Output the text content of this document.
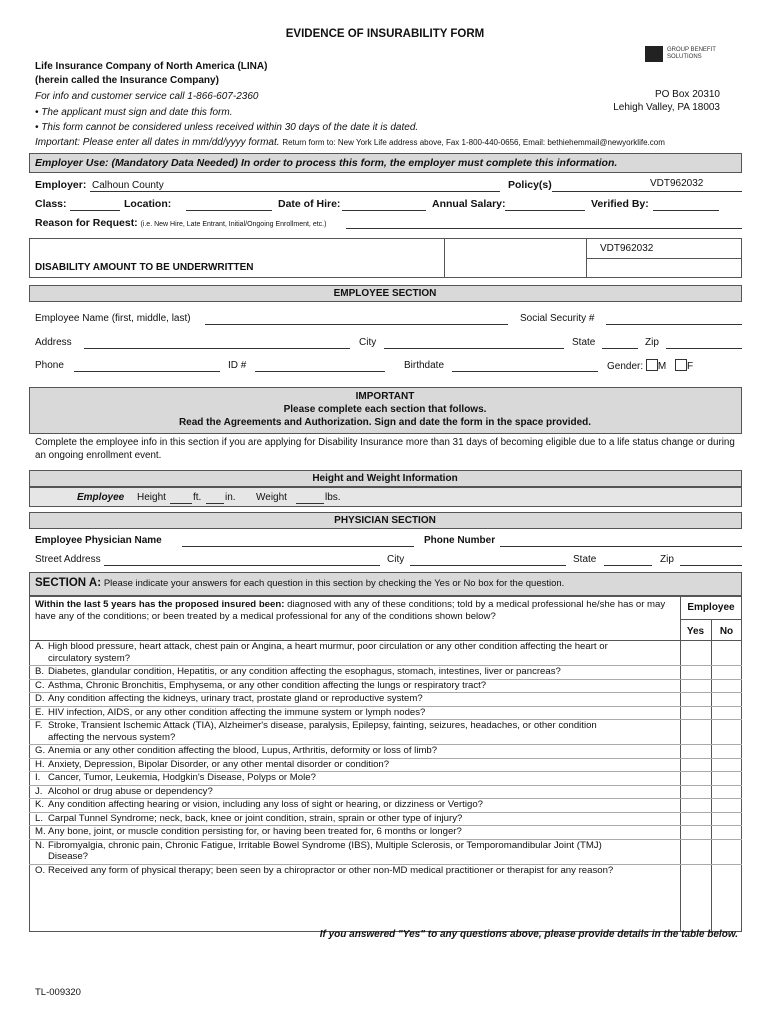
EVIDENCE OF INSURABILITY FORM
GROUP BENEFIT
SOLUTIONS
PO Box 20310
Lehigh Valley, PA 18003
Life Insurance Company of North America (LINA)
(herein called the Insurance Company)
For info and customer service call 1-866-607-2360
• The applicant must sign and date this form.
• This form cannot be considered unless received within 30 days of the date it is dated.
Important: Please enter all dates in mm/dd/yyyy format. Return form to: New York Life address above, Fax 1-800-440-0656, Email: bethiehemmail@newyorklife.com
Employer Use: (Mandatory Data Needed) In order to process this form, the employer must complete this information.
Employer: Calhoun County	Policy(s)	VDT962032
Class:	Location:	Date of Hire:	Annual Salary:	Verified By:
Reason for Request: (i.e. New Hire, Late Entrant, Initial/Ongoing Enrollment, etc.)
VDT962032
DISABILITY AMOUNT TO BE UNDERWRITTEN
EMPLOYEE SECTION
Employee Name (first, middle, last)	Social Security #
Address	City	State	Zip
Phone	ID #	Birthdate	Gender: M F
IMPORTANT
Please complete each section that follows.
Read the Agreements and Authorization. Sign and date the form in the space provided.
Complete the employee info in this section if you are applying for Disability Insurance more than 31 days of becoming eligible due to a life status change or during an ongoing enrollment event.
Height and Weight Information
Employee Height	ft. in. Weight	lbs.
PHYSICIAN SECTION
Employee Physician Name	Phone Number
Street Address	City	State	Zip
SECTION A: Please indicate your answers for each question in this section by checking the Yes or No box for the question.
Within the last 5 years has the proposed insured been: diagnosed with any of these conditions; told by a medical professional he/she has or may have any of the conditions; or been treated by a medical professional for any of the conditions shown below?
Employee
Yes	No
A. High blood pressure, heart attack, chest pain or Angina, a heart murmur, poor circulation or any other condition affecting the heart or
circulatory system?
B. Diabetes, glandular condition, Hepatitis, or any condition affecting the esophagus, stomach, intestines, liver or pancreas?
C. Asthma, Chronic Bronchitis, Emphysema, or any other condition affecting the lungs or respiratory tract?
D. Any condition affecting the kidneys, urinary tract, prostate gland or reproductive system?
E. HIV infection, AIDS, or any other condition affecting the immune system or lymph nodes?
F. Stroke, Transient Ischemic Attack (TIA), Alzheimer's disease, paralysis, Epilepsy, fainting, seizures, headaches, or other condition
affecting the nervous system?
G. Anemia or any other condition affecting the blood, Lupus, Arthritis, deformity or loss of limb?
H. Anxiety, Depression, Bipolar Disorder, or any other mental disorder or condition?
I. Cancer, Tumor, Leukemia, Hodgkin's Disease, Polyps or Mole?
J. Alcohol or drug abuse or dependency?
K. Any condition affecting hearing or vision, including any loss of sight or hearing, or dizziness or Vertigo?
L. Carpal Tunnel Syndrome; neck, back, knee or joint condition, strain, sprain or other type of injury?
M. Any bone, joint, or muscle condition persisting for, or having been treated for, 6 months or longer?
N. Fibromyalgia, chronic pain, Chronic Fatigue, Irritable Bowel Syndrome (IBS), Multiple Sclerosis, or Temporomandibular Joint (TMJ)
Disease?
O. Received any form of physical therapy; been seen by a chiropractor or other non-MD medical practitioner or therapist for any reason?
If you answered "Yes" to any questions above, please provide details in the table below.
TL-009320
